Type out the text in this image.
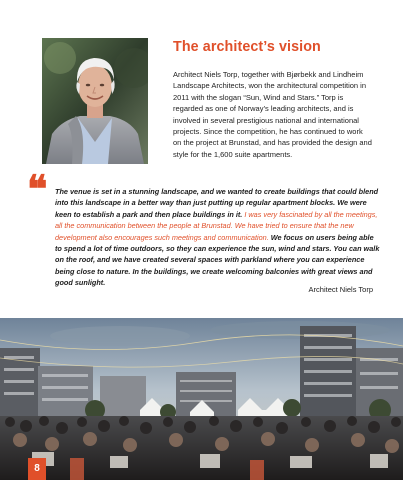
The architect’s vision

Architect Niels Torp, together with Bjørbekk and Lindheim Landscape Architects, won the architectural competition in 2011 with the slogan “Sun, Wind and Stars.” Torp is regarded as one of Norway’s leading architects, and is involved in several prestigious national and international projects. Since the competition, he has continued to work on the project at Brunstad, and has provided the design and style for the 1,600 suite apartments.

❝ The venue is set in a stunning landscape, and we wanted to create buildings that could blend into this landscape in a better way than just putting up regular apartment blocks. We were keen to establish a park and then place buildings in it. I was very fascinated by all the meetings, all the communication between the people at Brunstad. We have tried to ensure that the new development also encourages such meetings and communication. We focus on users being able to spend a lot of time outdoors, so they can experience the sun, wind and stars. You can walk on the roof, and we have created several spaces with parkland where you can experience being close to nature. In the buildings, we create welcoming balconies with great views and good sunlight.

Architect Niels Torp

8
